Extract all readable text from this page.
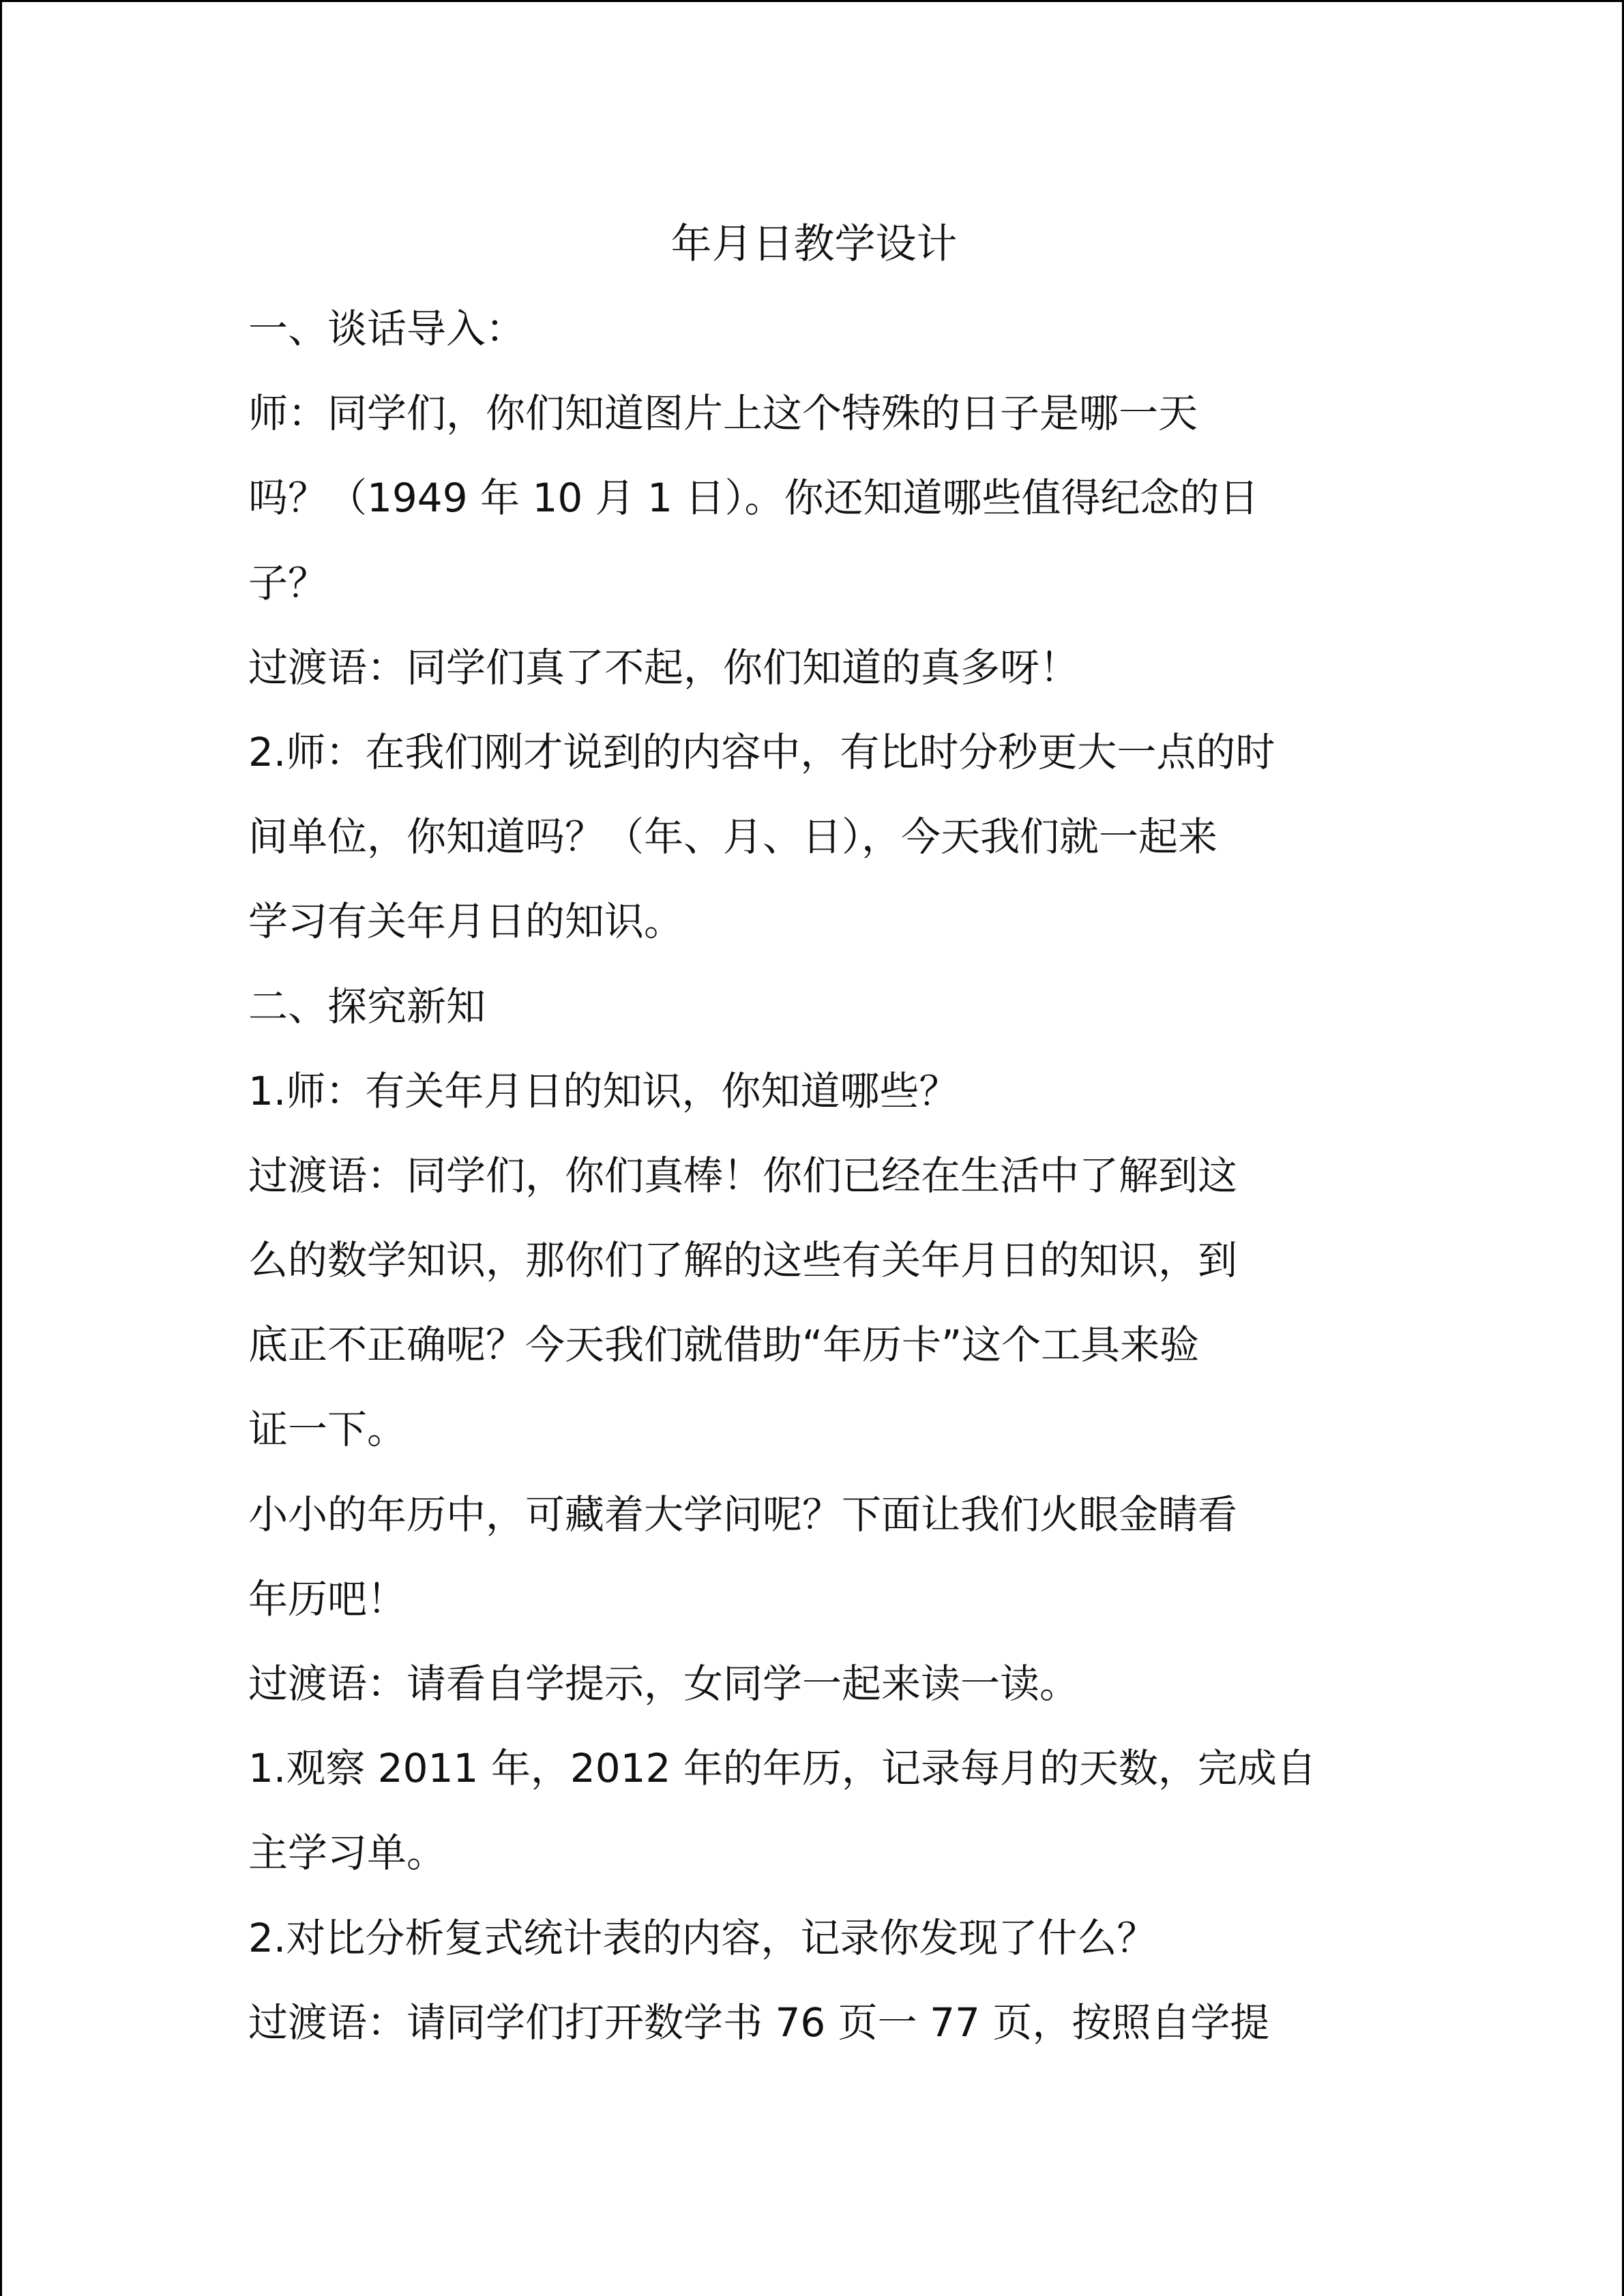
年月日教学设计
一、谈话导入：
师：同学们，你们知道图片上这个特殊的日子是哪一天
吗？（1949 年 10 月 1 日）。你还知道哪些值得纪念的日
子？
过渡语：同学们真了不起，你们知道的真多呀！
2.师：在我们刚才说到的内容中，有比时分秒更大一点的时
间单位，你知道吗？（年、月、日），今天我们就一起来
学习有关年月日的知识。
二、探究新知
1.师：有关年月日的知识，你知道哪些？
过渡语：同学们，你们真棒！你们已经在生活中了解到这
么的数学知识，那你们了解的这些有关年月日的知识，到
底正不正确呢？今天我们就借助“年历卡”这个工具来验
证一下。
小小的年历中，可藏着大学问呢？下面让我们火眼金睛看
年历吧！
过渡语：请看自学提示，女同学一起来读一读。
1.观察 2011 年，2012 年的年历，记录每月的天数，完成自
主学习单。
2.对比分析复式统计表的内容，记录你发现了什么？
过渡语：请同学们打开数学书 76 页一 77 页，按照自学提
